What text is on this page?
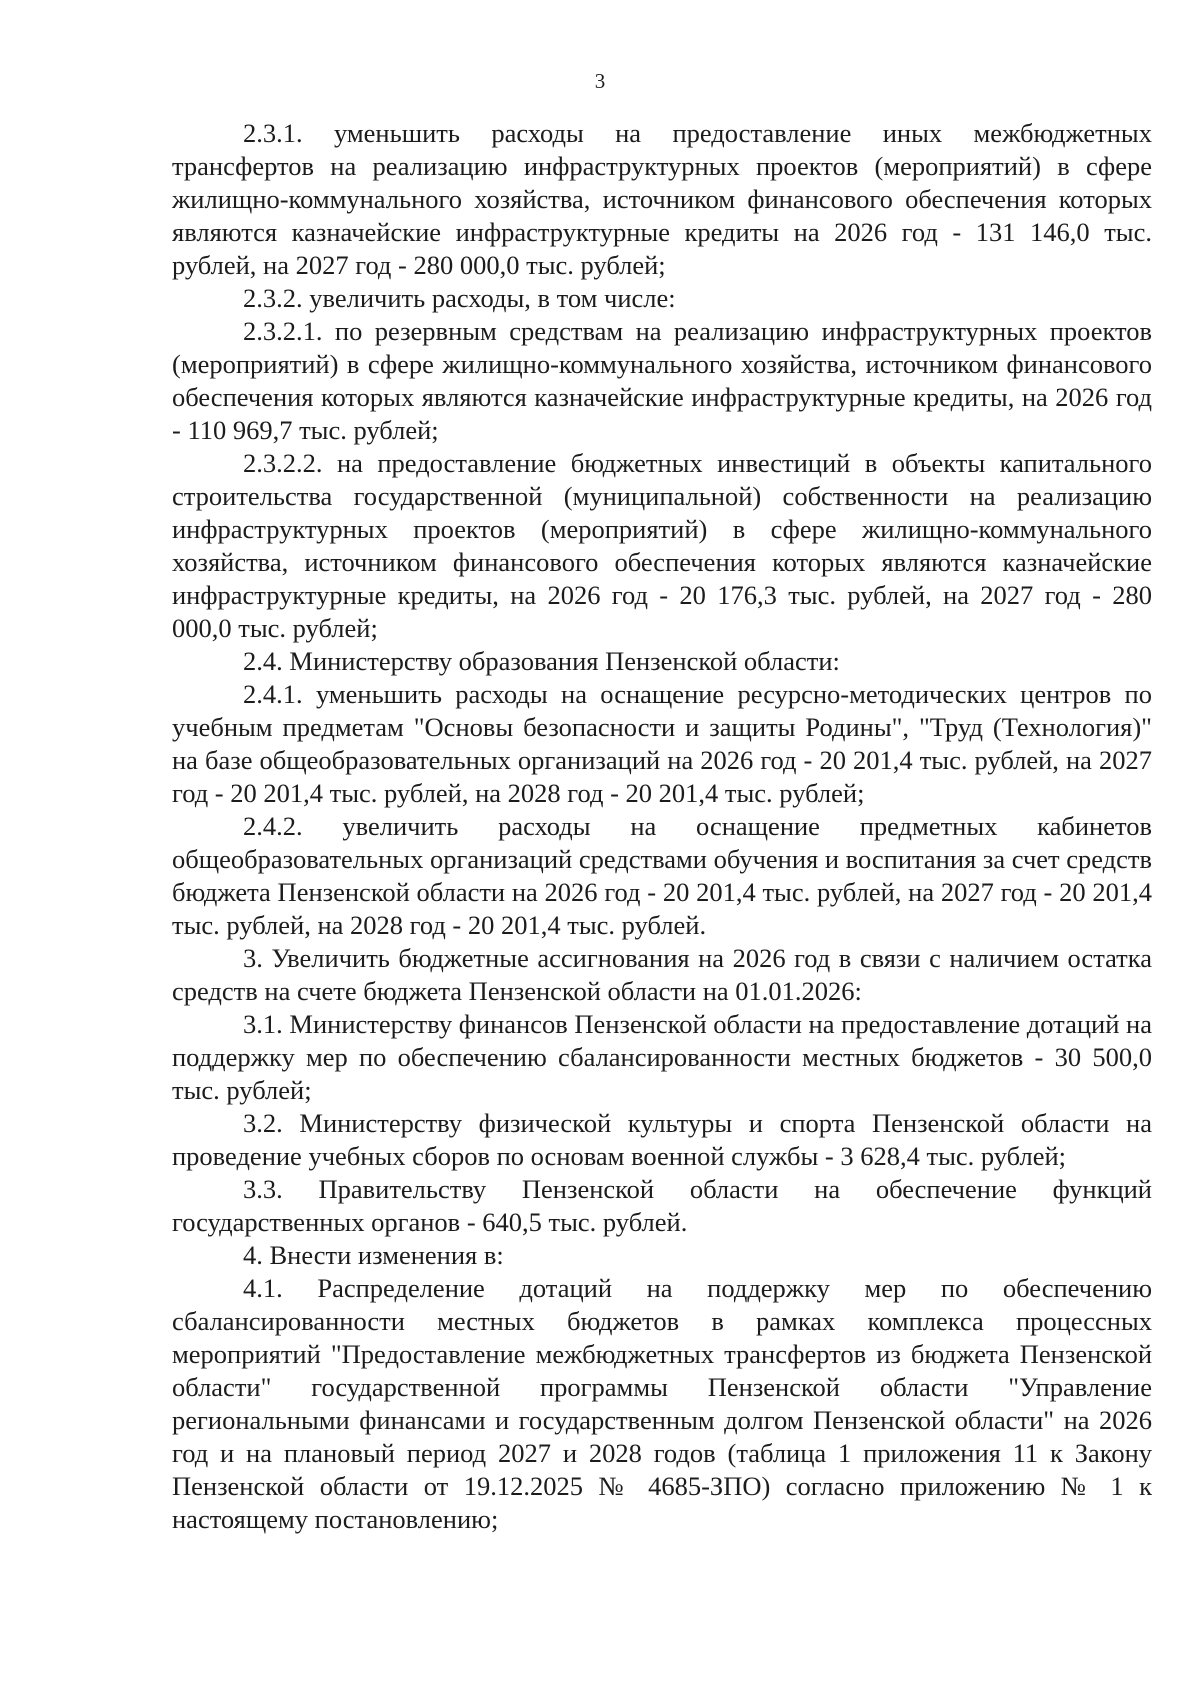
3

2.3.1. уменьшить расходы на предоставление иных межбюджетных трансфертов на реализацию инфраструктурных проектов (мероприятий) в сфере жилищно-коммунального хозяйства, источником финансового обеспечения которых являются казначейские инфраструктурные кредиты на 2026 год - 131 146,0 тыс. рублей, на 2027 год - 280 000,0 тыс. рублей;

2.3.2. увеличить расходы, в том числе:

2.3.2.1. по резервным средствам на реализацию инфраструктурных проектов (мероприятий) в сфере жилищно-коммунального хозяйства, источником финансового обеспечения которых являются казначейские инфраструктурные кредиты, на 2026 год - 110 969,7 тыс. рублей;

2.3.2.2. на предоставление бюджетных инвестиций в объекты капитального строительства государственной (муниципальной) собственности на реализацию инфраструктурных проектов (мероприятий) в сфере жилищно-коммунального хозяйства, источником финансового обеспечения которых являются казначейские инфраструктурные кредиты, на 2026 год - 20 176,3 тыс. рублей, на 2027 год - 280 000,0 тыс. рублей;

2.4. Министерству образования Пензенской области:

2.4.1. уменьшить расходы на оснащение ресурсно-методических центров по учебным предметам "Основы безопасности и защиты Родины", "Труд (Технология)" на базе общеобразовательных организаций на 2026 год - 20 201,4 тыс. рублей, на 2027 год - 20 201,4 тыс. рублей, на 2028 год - 20 201,4 тыс. рублей;

2.4.2. увеличить расходы на оснащение предметных кабинетов общеобразовательных организаций средствами обучения и воспитания за счет средств бюджета Пензенской области на 2026 год - 20 201,4 тыс. рублей, на 2027 год - 20 201,4 тыс. рублей, на 2028 год - 20 201,4 тыс. рублей.

3. Увеличить бюджетные ассигнования на 2026 год в связи с наличием остатка средств на счете бюджета Пензенской области на 01.01.2026:

3.1. Министерству финансов Пензенской области на предоставление дотаций на поддержку мер по обеспечению сбалансированности местных бюджетов - 30 500,0 тыс. рублей;

3.2. Министерству физической культуры и спорта Пензенской области на проведение учебных сборов по основам военной службы - 3 628,4 тыс. рублей;

3.3. Правительству Пензенской области на обеспечение функций государственных органов - 640,5 тыс. рублей.

4. Внести изменения в:

4.1. Распределение дотаций на поддержку мер по обеспечению сбалансированности местных бюджетов в рамках комплекса процессных мероприятий "Предоставление межбюджетных трансфертов из бюджета Пензенской области" государственной программы Пензенской области "Управление региональными финансами и государственным долгом Пензенской области" на 2026 год и на плановый период 2027 и 2028 годов (таблица 1 приложения 11 к Закону Пензенской области от 19.12.2025 № 4685-ЗПО) согласно приложению № 1 к настоящему постановлению;
